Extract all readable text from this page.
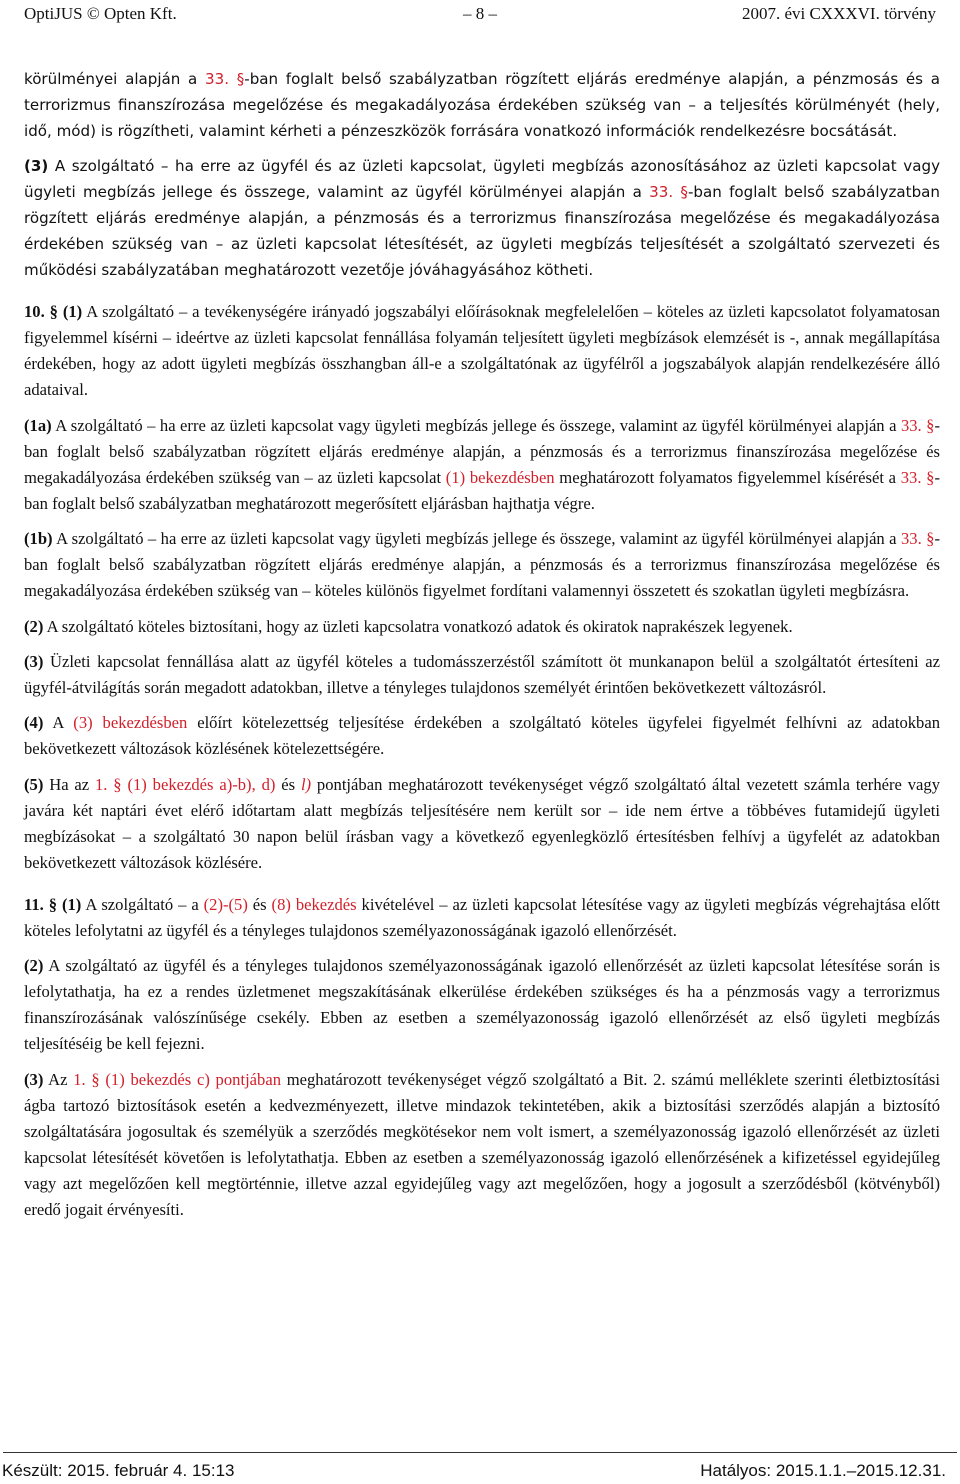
OptiJUS © Opten Kft.	– 8 –	2007. évi CXXXVI. törvény

körülményei alapján a 33. §-ban foglalt belső szabályzatban rögzített eljárás eredménye alapján, a pénzmosás és a terrorizmus finanszírozása megelőzése és megakadályozása érdekében szükség van – a teljesítés körülményét (hely, idő, mód) is rögzítheti, valamint kérheti a pénzeszközök forrására vonatkozó információk rendelkezésre bocsátását.

(3) A szolgáltató – ha erre az ügyfél és az üzleti kapcsolat, ügyleti megbízás azonosításához az üzleti kapcsolat vagy ügyleti megbízás jellege és összege, valamint az ügyfél körülményei alapján a 33. §-ban foglalt belső szabályzatban rögzített eljárás eredménye alapján, a pénzmosás és a terrorizmus finanszírozása megelőzése és megakadályozása érdekében szükség van – az üzleti kapcsolat létesítését, az ügyleti megbízás teljesítését a szolgáltató szervezeti és működési szabályzatában meghatározott vezetője jóváhagyásához kötheti.

10. § (1) A szolgáltató – a tevékenységére irányadó jogszabályi előírásoknak megfelelelően – köteles az üzleti kapcsolatot folyamatosan figyelemmel kísérni – ideértve az üzleti kapcsolat fennállása folyamán teljesített ügyleti megbízások elemzését is -, annak megállapítása érdekében, hogy az adott ügyleti megbízás összhangban áll-e a szolgáltatónak az ügyfélről a jogszabályok alapján rendelkezésére álló adataival.

(1a) A szolgáltató – ha erre az üzleti kapcsolat vagy ügyleti megbízás jellege és összege, valamint az ügyfél körülményei alapján a 33. §-ban foglalt belső szabályzatban rögzített eljárás eredménye alapján, a pénzmosás és a terrorizmus finanszírozása megelőzése és megakadályozása érdekében szükség van – az üzleti kapcsolat (1) bekezdésben meghatározott folyamatos figyelemmel kísérését a 33. §-ban foglalt belső szabályzatban meghatározott megerősített eljárásban hajthatja végre.

(1b) A szolgáltató – ha erre az üzleti kapcsolat vagy ügyleti megbízás jellege és összege, valamint az ügyfél körülményei alapján a 33. §-ban foglalt belső szabályzatban rögzített eljárás eredménye alapján, a pénzmosás és a terrorizmus finanszírozása megelőzése és megakadályozása érdekében szükség van – köteles különös figyelmet fordítani valamennyi összetett és szokatlan ügyleti megbízásra.

(2) A szolgáltató köteles biztosítani, hogy az üzleti kapcsolatra vonatkozó adatok és okiratok naprakészek legyenek.

(3) Üzleti kapcsolat fennállása alatt az ügyfél köteles a tudomásszerzéstől számított öt munkanapon belül a szolgáltatót értesíteni az ügyfél-átvilágítás során megadott adatokban, illetve a tényleges tulajdonos személyét érintően bekövetkezett változásról.

(4) A (3) bekezdésben előírt kötelezettség teljesítése érdekében a szolgáltató köteles ügyfelei figyelmét felhívni az adatokban bekövetkezett változások közlésének kötelezettségére.

(5) Ha az 1. § (1) bekezdés a)-b), d) és l) pontjában meghatározott tevékenységet végző szolgáltató által vezetett számla terhére vagy javára két naptári évet elérő időtartam alatt megbízás teljesítésére nem került sor – ide nem értve a többéves futamidejű ügyleti megbízásokat – a szolgáltató 30 napon belül írásban vagy a következő egyenlegközlő értesítésben felhívj a ügyfelét az adatokban bekövetkezett változások közlésére.

11. § (1) A szolgáltató – a (2)-(5) és (8) bekezdés kivételével – az üzleti kapcsolat létesítése vagy az ügyleti megbízás végrehajtása előtt köteles lefolytatni az ügyfél és a tényleges tulajdonos személyazonosságának igazoló ellenőrzését.

(2) A szolgáltató az ügyfél és a tényleges tulajdonos személyazonosságának igazoló ellenőrzését az üzleti kapcsolat létesítése során is lefolytathatja, ha ez a rendes üzletmenet megszakításának elkerülése érdekében szükséges és ha a pénzmosás vagy a terrorizmus finanszírozásának valószínűsége csekély. Ebben az esetben a személyazonosság igazoló ellenőrzését az első ügyleti megbízás teljesítéséig be kell fejezni.

(3) Az 1. § (1) bekezdés c) pontjában meghatározott tevékenységet végző szolgáltató a Bit. 2. számú melléklete szerinti életbiztosítási ágba tartozó biztosítások esetén a kedvezményezett, illetve mindazok tekintetében, akik a biztosítási szerződés alapján a biztosító szolgáltatására jogosultak és személyük a szerződés megkötésekor nem volt ismert, a személyazonosság igazoló ellenőrzését az üzleti kapcsolat létesítését követően is lefolytathatja. Ebben az esetben a személyazonosság igazoló ellenőrzésének a kifizetéssel egyidejűleg vagy azt megelőzően kell megtörténnie, illetve azzal egyidejűleg vagy azt megelőzően, hogy a jogosult a szerződésből (kötvényből) eredő jogait érvényesíti.

Készült: 2015. február 4. 15:13	Hatályos: 2015.1.1.–2015.12.31.
